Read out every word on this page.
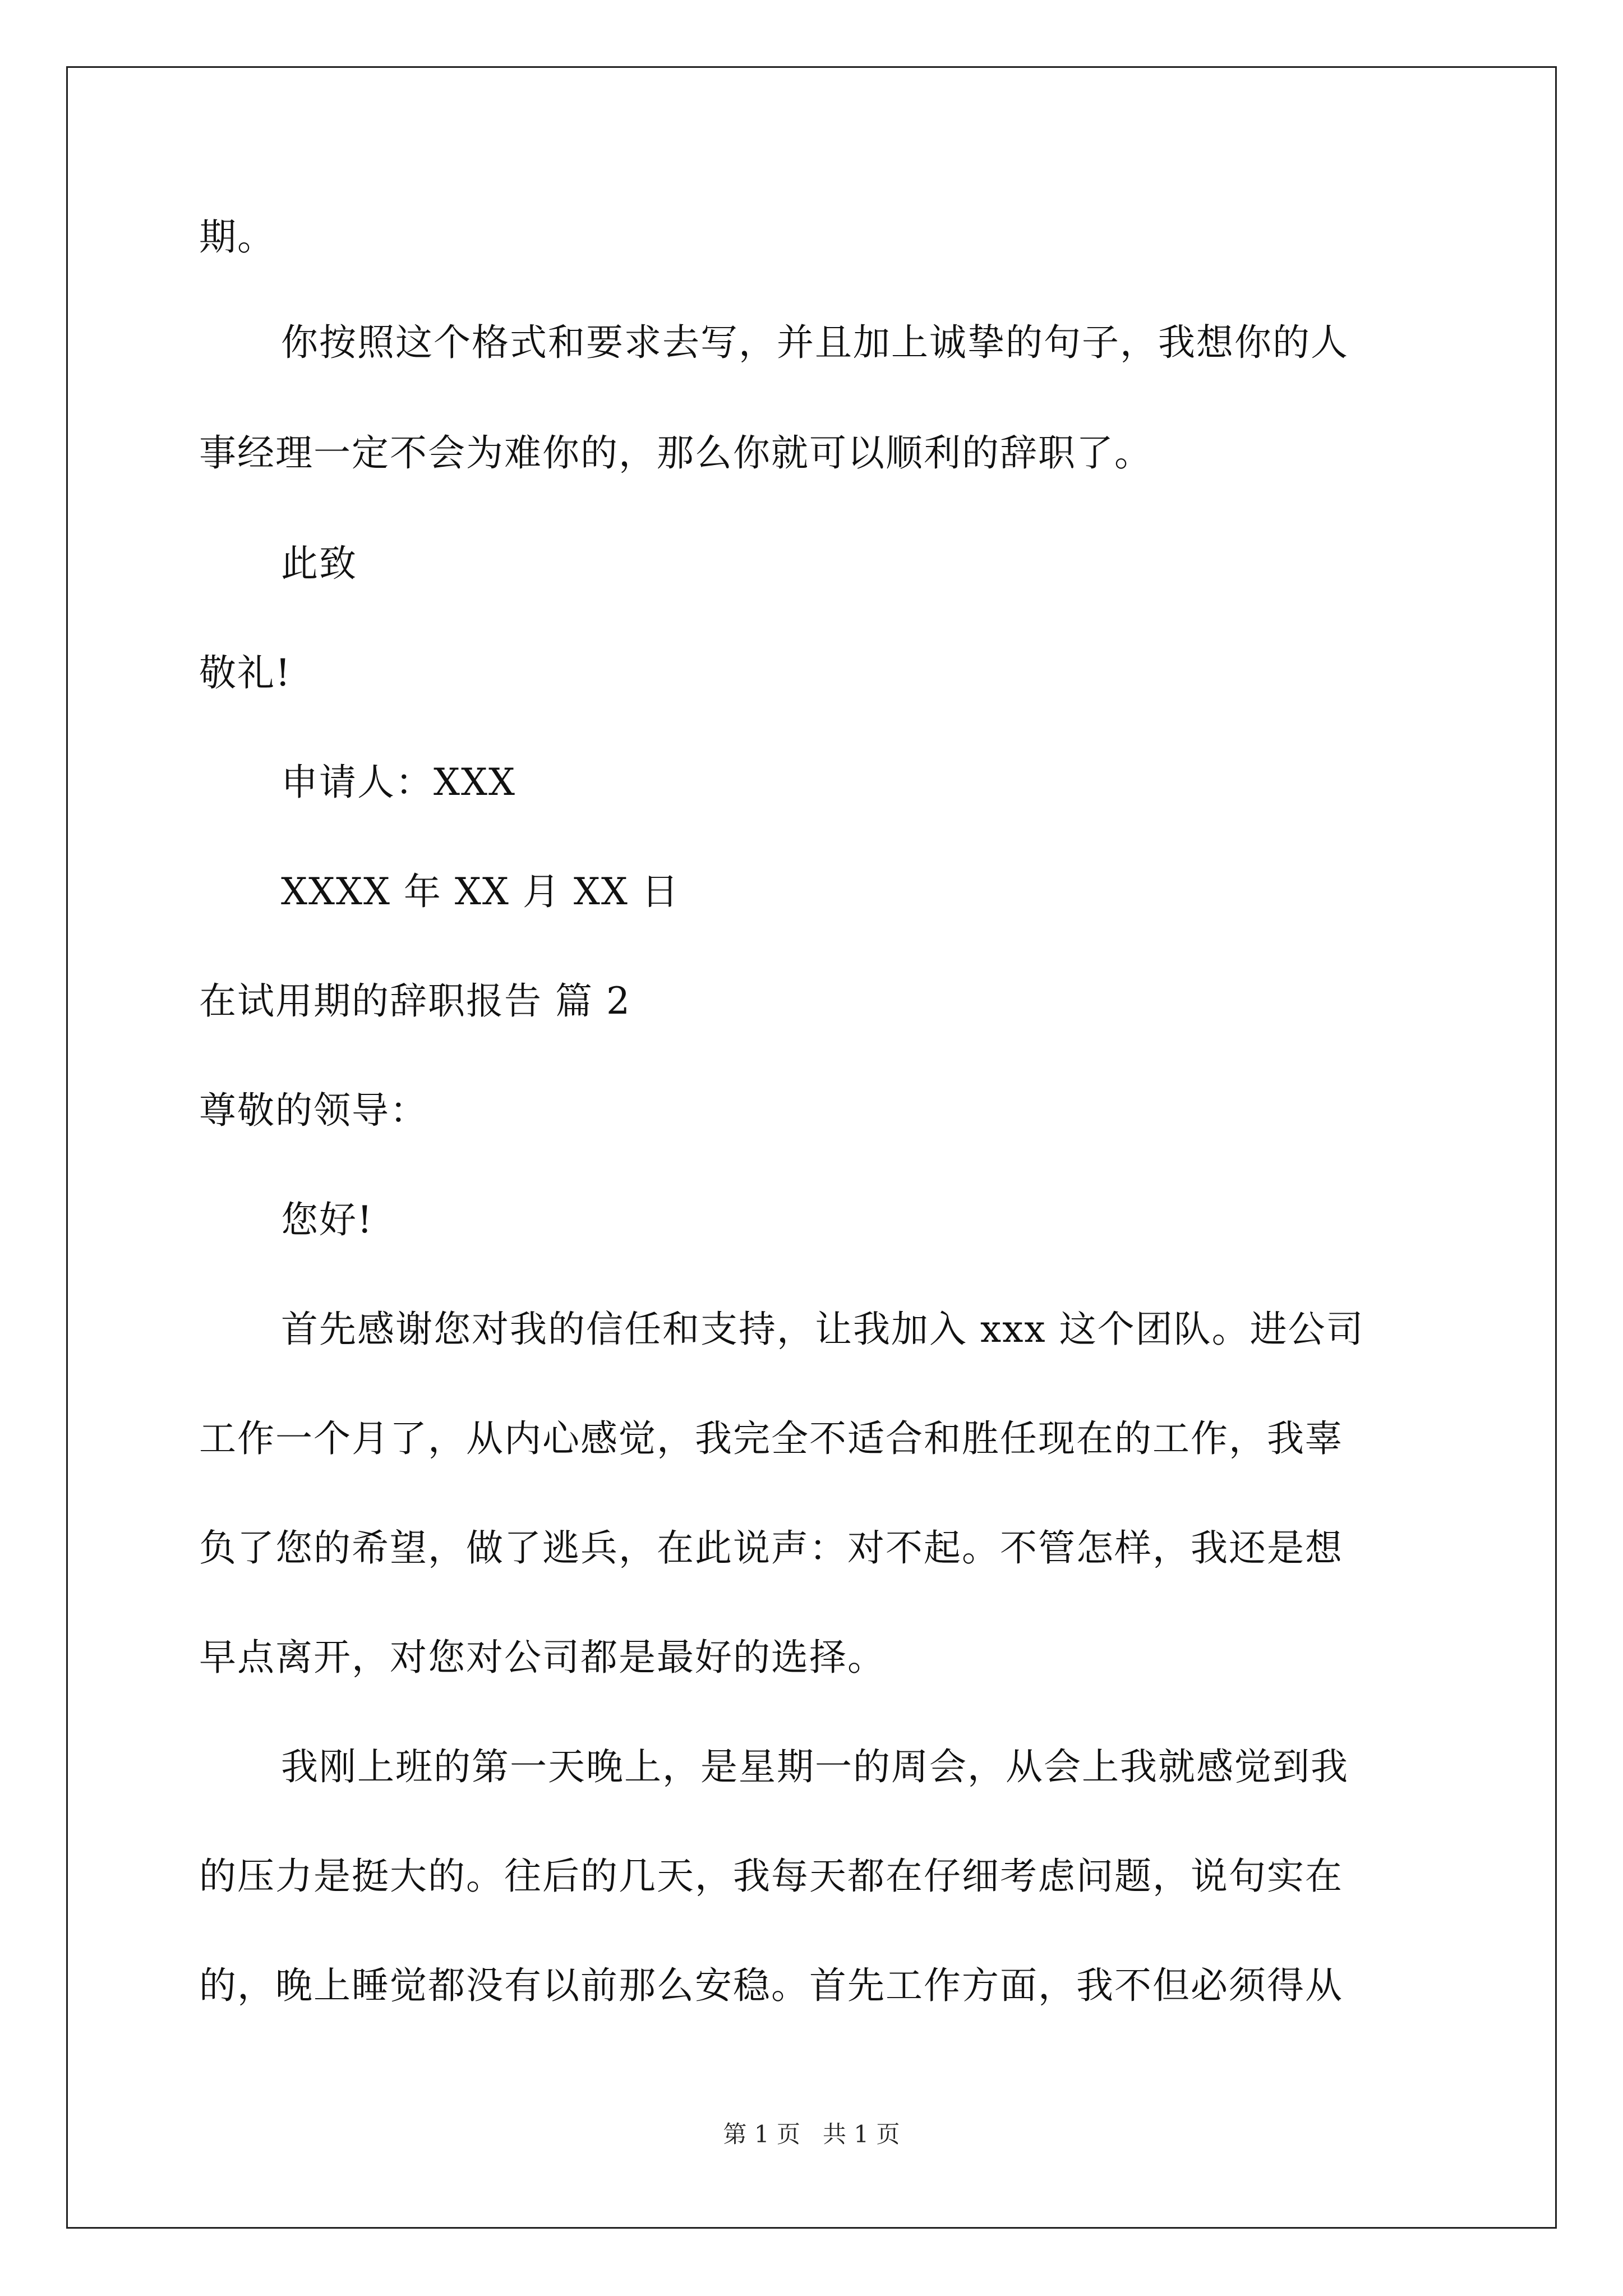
期。
你按照这个格式和要求去写，并且加上诚挚的句子，我想你的人
事经理一定不会为难你的，那么你就可以顺利的辞职了。
此致
敬礼!
申请人：XXX
XXXX 年 XX 月 XX 日
在试用期的辞职报告 篇 2
尊敬的领导：
您好!
首先感谢您对我的信任和支持，让我加入 xxx 这个团队。进公司
工作一个月了，从内心感觉，我完全不适合和胜任现在的工作，我辜
负了您的希望，做了逃兵，在此说声：对不起。不管怎样，我还是想
早点离开，对您对公司都是最好的选择。
我刚上班的第一天晚上，是星期一的周会，从会上我就感觉到我
的压力是挺大的。往后的几天，我每天都在仔细考虑问题，说句实在
的，晚上睡觉都没有以前那么安稳。首先工作方面，我不但必须得从
第 1 页   共 1 页
